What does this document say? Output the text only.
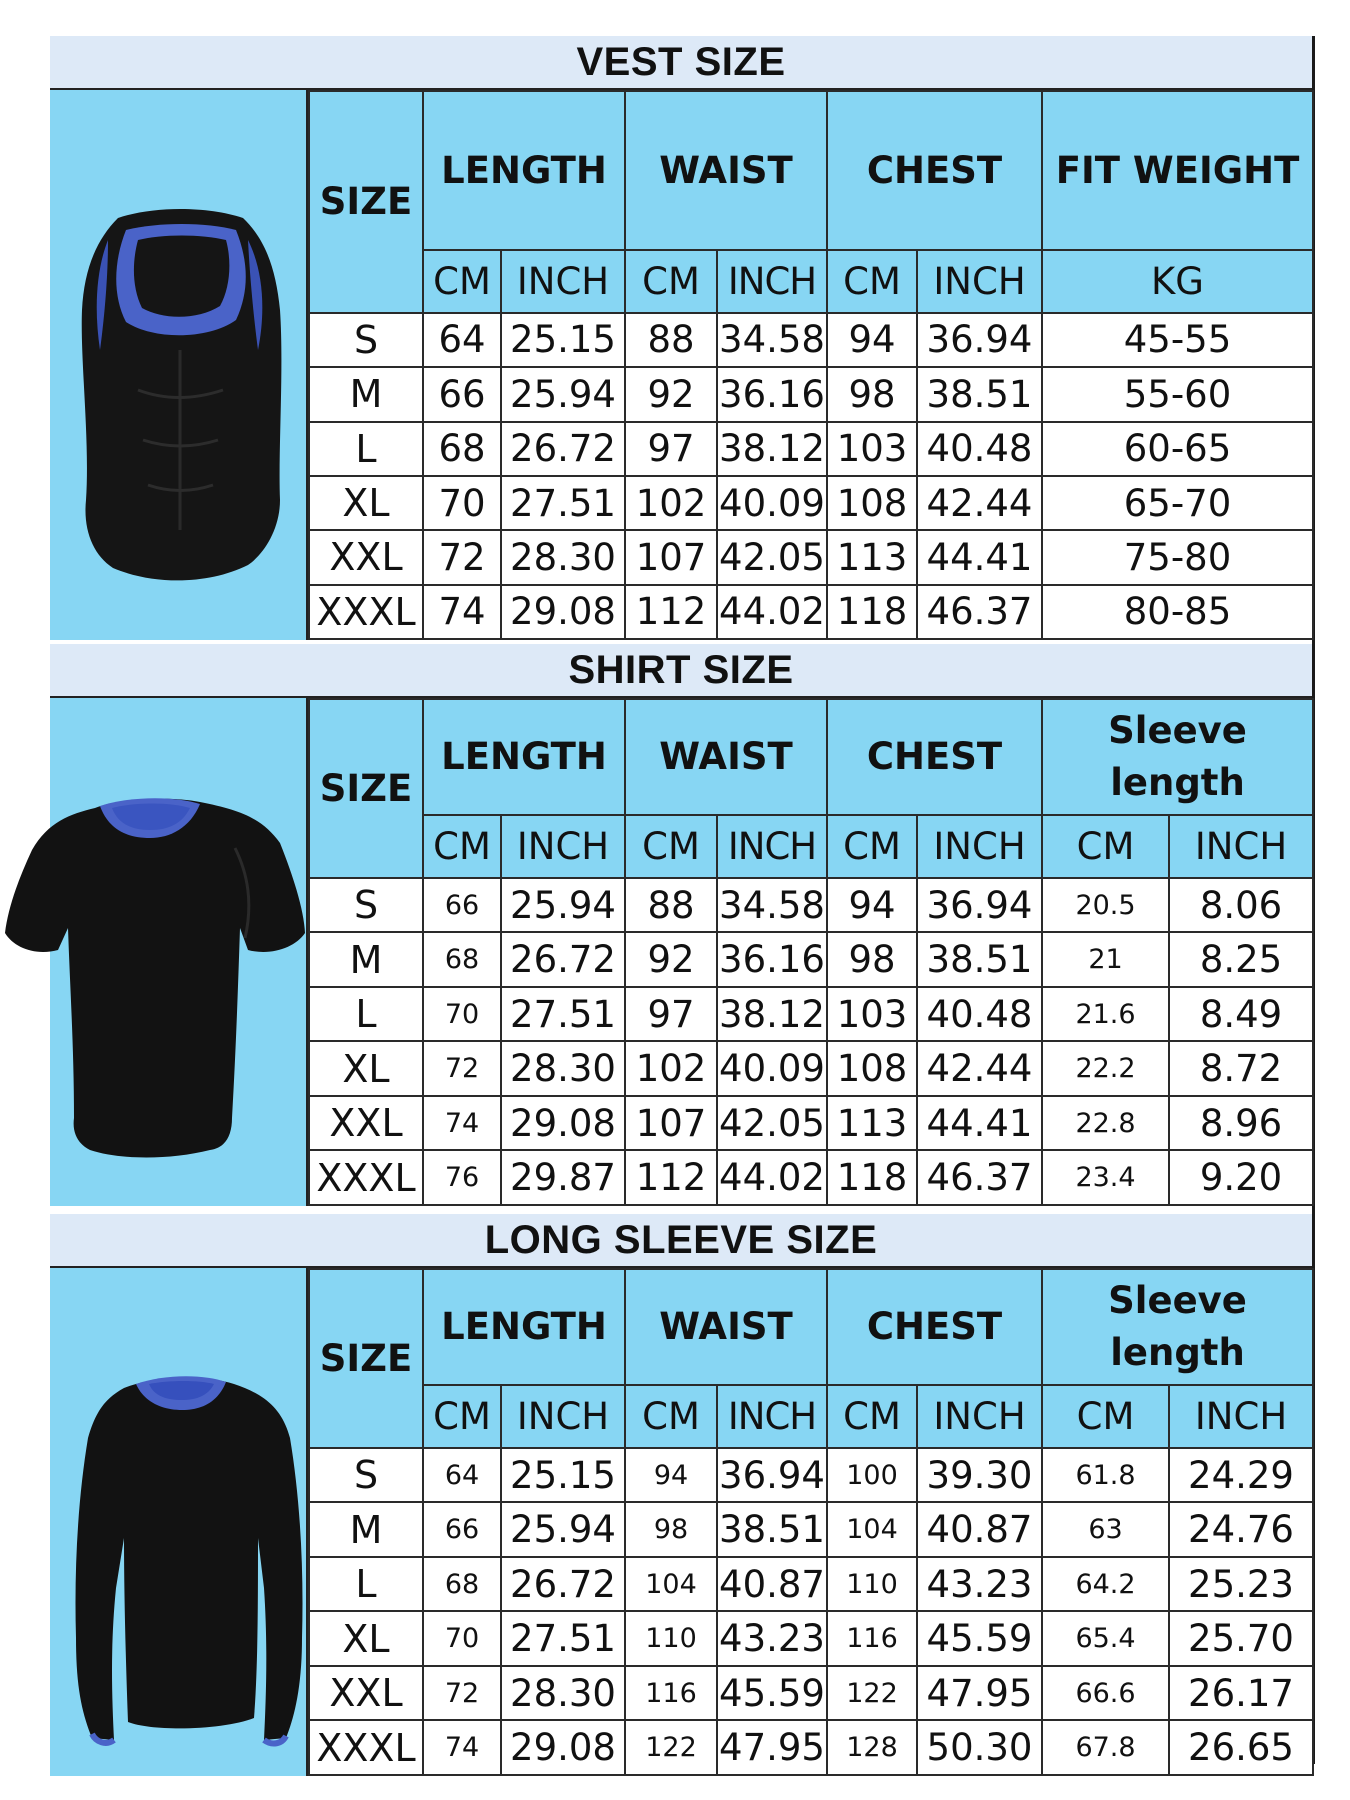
VEST SIZE
SIZE	LENGTH		WAIST		CHEST		FIT WEIGHT
	CM	INCH	CM	INCH	CM	INCH	KG
S	64	25.15	88	34.58	94	36.94	45-55
M	66	25.94	92	36.16	98	38.51	55-60
L	68	26.72	97	38.12	103	40.48	60-65
XL	70	27.51	102	40.09	108	42.44	65-70
XXL	72	28.30	107	42.05	113	44.41	75-80
XXXL	74	29.08	112	44.02	118	46.37	80-85
SHIRT SIZE
SIZE	LENGTH		WAIST		CHEST		Sleeve
length	

	CM	INCH	CM	INCH	CM	INCH	CM	INCH
S	66	25.94	88	34.58	94	36.94	20.5	8.06
M	68	26.72	92	36.16	98	38.51	21	8.25
L	70	27.51	97	38.12	103	40.48	21.6	8.49
XL	72	28.30	102	40.09	108	42.44	22.2	8.72
XXL	74	29.08	107	42.05	113	44.41	22.8	8.96
XXXL	76	29.87	112	44.02	118	46.37	23.4	9.20
LONG SLEEVE SIZE
SIZE	LENGTH		WAIST		CHEST		Sleeve
length	

	CM	INCH	CM	INCH	CM	INCH	CM	INCH
S	64	25.15	94	36.94	100	39.30	61.8	24.29
M	66	25.94	98	38.51	104	40.87	63	24.76
L	68	26.72	104	40.87	110	43.23	64.2	25.23
XL	70	27.51	110	43.23	116	45.59	65.4	25.70
XXL	72	28.30	116	45.59	122	47.95	66.6	26.17
XXXL	74	29.08	122	47.95	128	50.30	67.8	26.65
